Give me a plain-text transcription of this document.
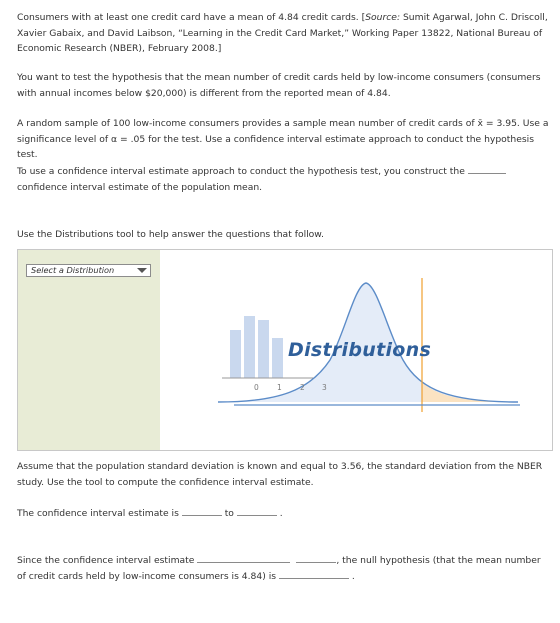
Consumers with at least one credit card have a mean of 4.84 credit cards. [Source: Sumit Agarwal, John C. Driscoll, Xavier Gabaix, and David Laibson, “Learning in the Credit Card Market,” Working Paper 13822, National Bureau of Economic Research (NBER), February 2008.]

You want to test the hypothesis that the mean number of credit cards held by low-income consumers (consumers with annual incomes below $20,000) is different from the reported mean of 4.84.

A random sample of 100 low-income consumers provides a sample mean number of credit cards of x̄ = 3.95. Use a significance level of α = .05 for the test. Use a confidence interval estimate approach to conduct the hypothesis test.

To use a confidence interval estimate approach to conduct the hypothesis test, you construct the  confidence interval estimate of the population mean.

Use the Distributions tool to help answer the questions that follow.

Select a Distribution
0 1 2 3
Distributions

Assume that the population standard deviation is known and equal to 3.56, the standard deviation from the NBER study. Use the tool to compute the confidence interval estimate.

The confidence interval estimate is	to	.

Since the confidence interval estimate	, the null hypothesis (that the mean number of credit cards held by low-income consumers is 4.84) is	.
